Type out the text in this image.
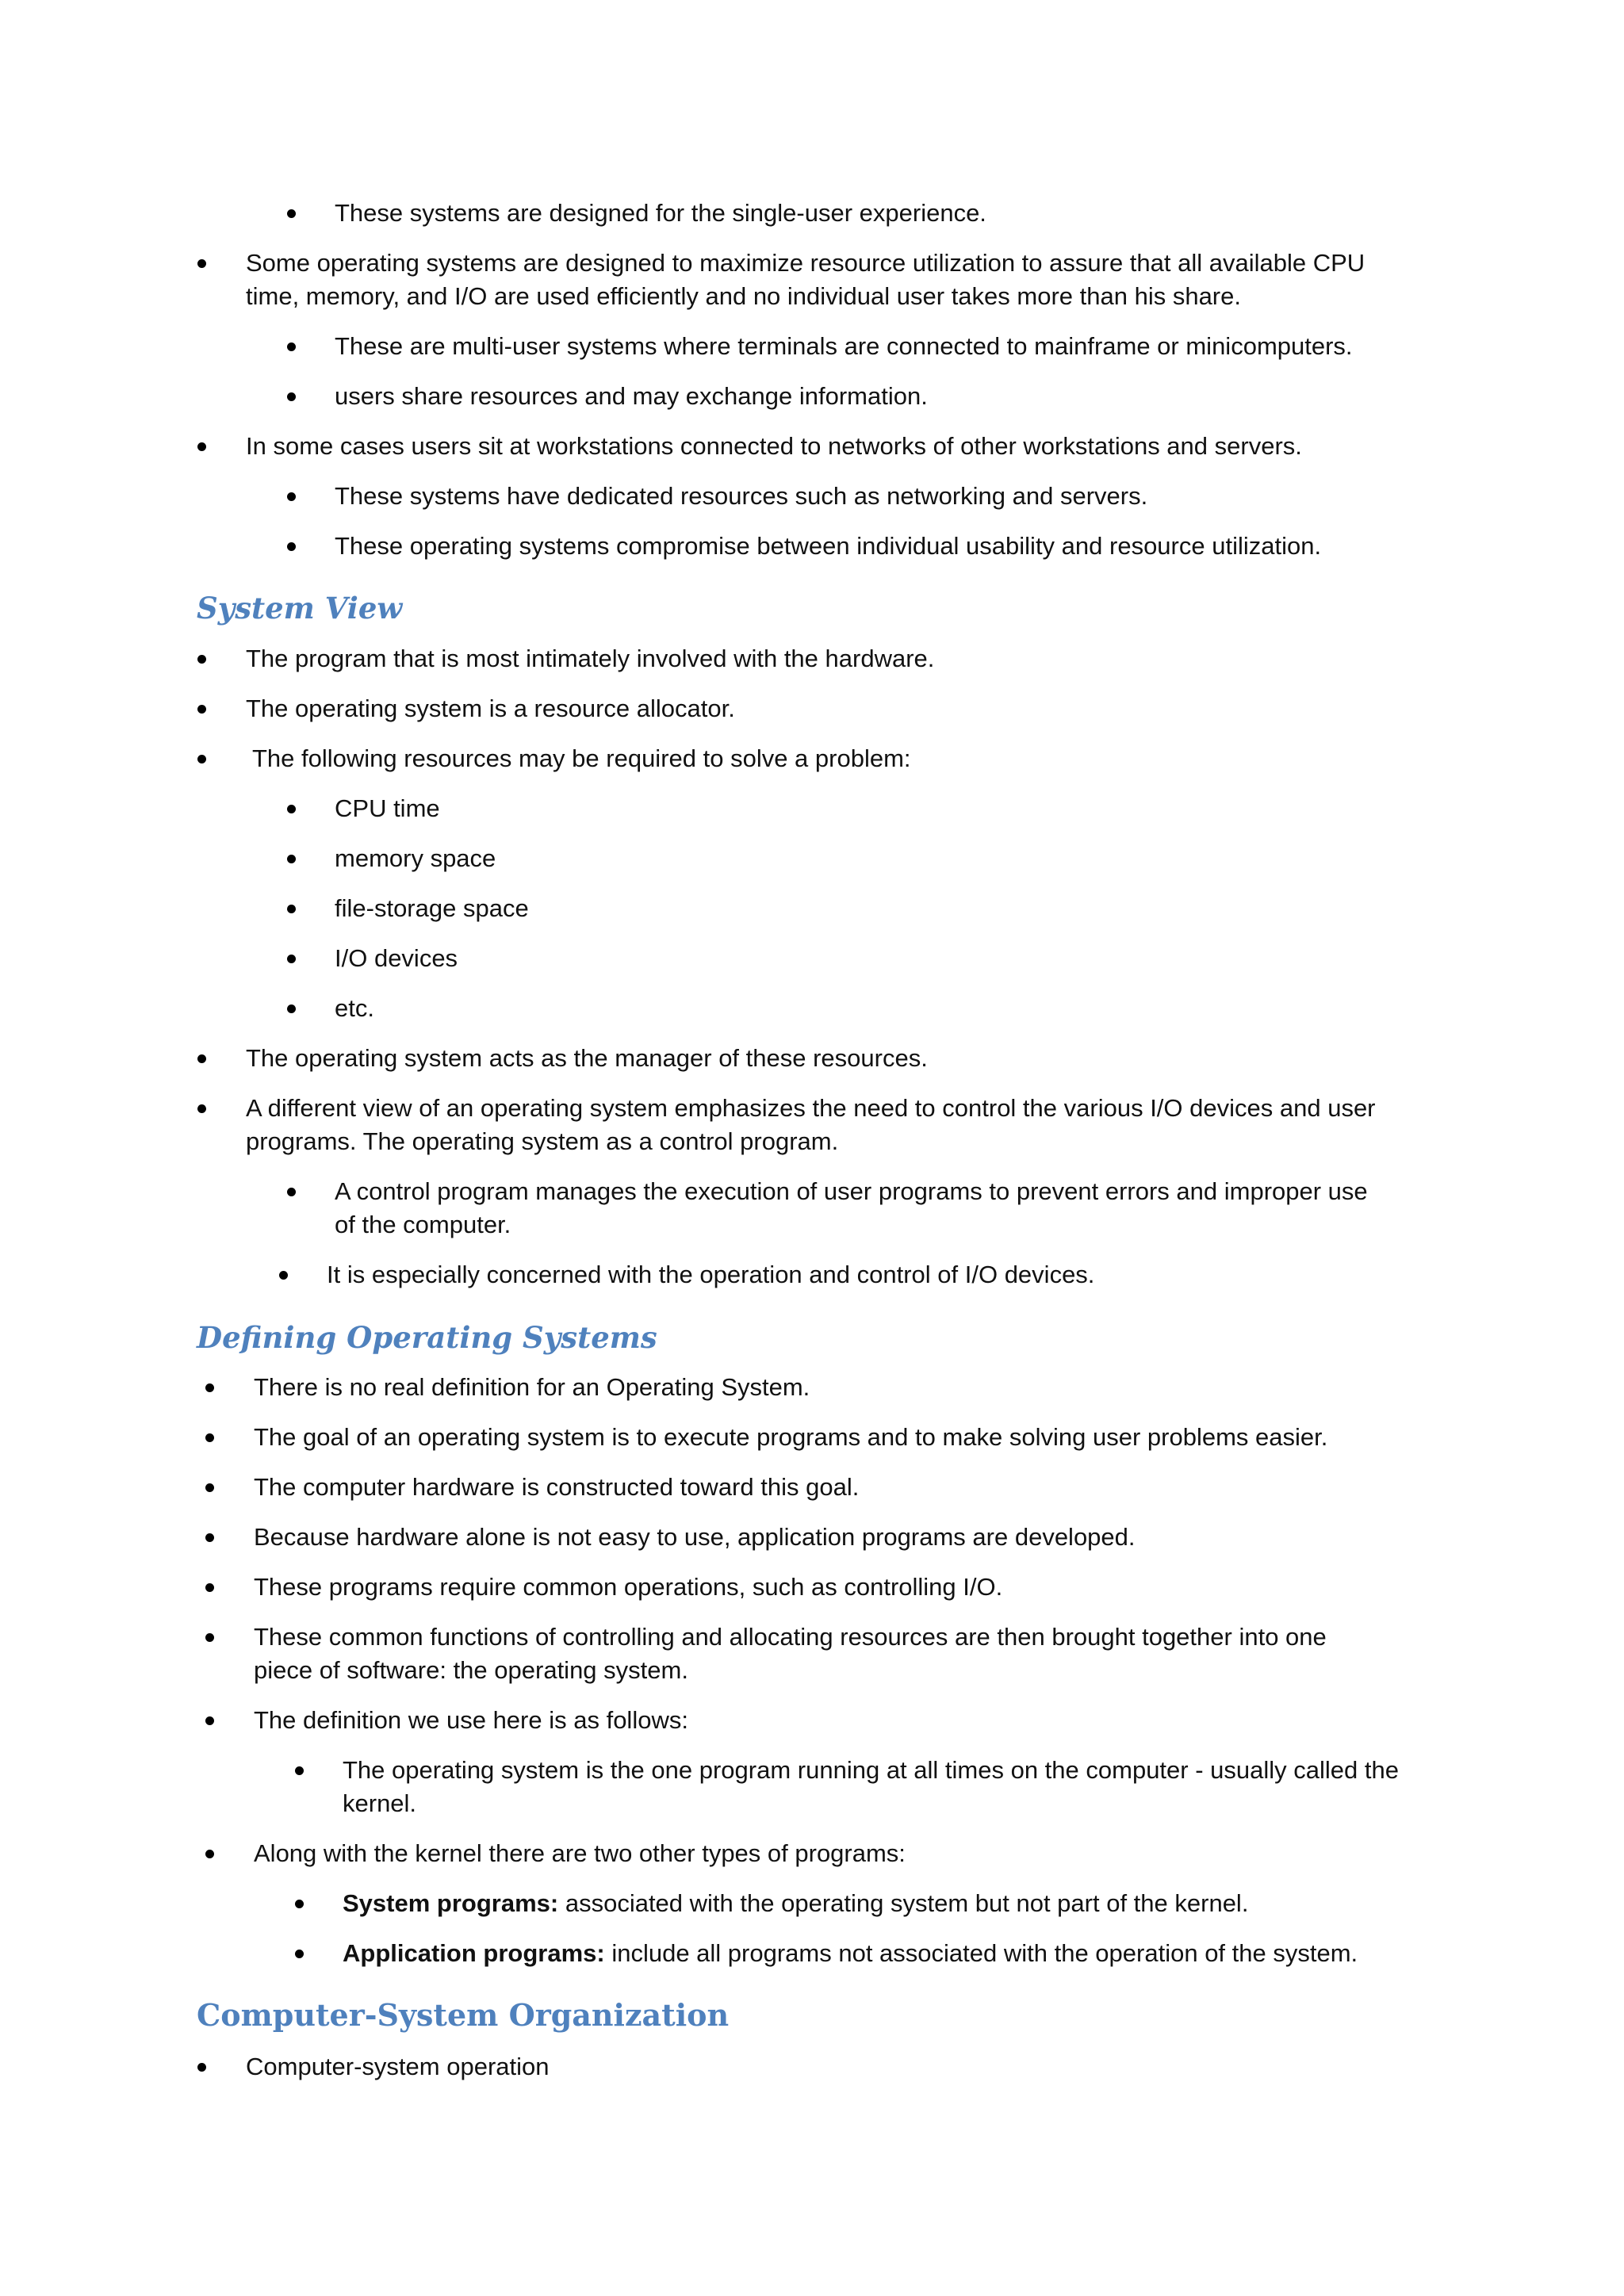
These systems are designed for the single-user experience.
Some operating systems are designed to maximize resource utilization to assure that all available CPU
time, memory, and I/O are used efficiently and no individual user takes more than his share.
These are multi-user systems where terminals are connected to mainframe or minicomputers.
users share resources and may exchange information.
In some cases users sit at workstations connected to networks of other workstations and servers.
These systems have dedicated resources such as networking and servers.
These operating systems compromise between individual usability and resource utilization.
System View
The program that is most intimately involved with the hardware.
The operating system is a resource allocator.
The following resources may be required to solve a problem:
CPU time
memory space
file-storage space
I/O devices
etc.
The operating system acts as the manager of these resources.
A different view of an operating system emphasizes the need to control the various I/O devices and user
programs. The operating system as a control program.
A control program manages the execution of user programs to prevent errors and improper use
of the computer.
It is especially concerned with the operation and control of I/O devices.
Defining Operating Systems
There is no real definition for an Operating System.
The goal of an operating system is to execute programs and to make solving user problems easier.
The computer hardware is constructed toward this goal.
Because hardware alone is not easy to use, application programs are developed.
These programs require common operations, such as controlling I/O.
These common functions of controlling and allocating resources are then brought together into one
piece of software: the operating system.
The definition we use here is as follows:
The operating system is the one program running at all times on the computer - usually called the
kernel.
Along with the kernel there are two other types of programs:
System programs: associated with the operating system but not part of the kernel.
Application programs: include all programs not associated with the operation of the system.
Computer-System Organization
Computer-system operation
